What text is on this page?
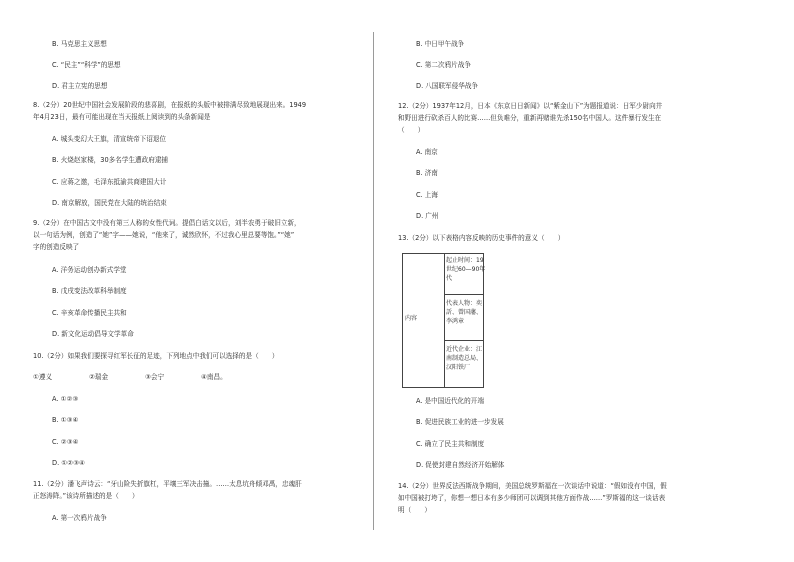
B. 马克思主义思想
C. “民主”“科学”的思想
D. 君主立宪的思想
8.（2分）20世纪中国社会发展阶段的悲喜剧，在报纸的头版中被排满尽致地展现出来。1949
年4月23日，最有可能出现在当天报纸上阅读到的头条新闻是
A. 城头变幻大王旗，清宣统帝下诏退位
B. 火烧赵家楼，30多名学生遭政府逮捕
C. 应蒋之邀，毛泽东抵渝共商建国大计
D. 南京解放，国民党在大陆的统治结束
9.（2分）在中国古文中没有第三人称的女性代词。提倡白话文以后，刘半农勇于破旧立新，
以一句话为例，创造了“她”字——她说，“他来了，诚然欣怀，不过我心里总要等饱。”“她”
字的创造反映了
A. 洋务运动创办新式学堂
B. 戊戌变法改革科举制度
C. 辛亥革命传播民主共和
D. 新文化运动倡导文学革命
10.（2分）如果我们要探寻红军长征的足迹，下列地点中我们可以选择的是（　　）
①遵义	②瑞金	③会宁	④南昌。
A. ①②③
B. ①③④
C. ②③④
D. ①②③④
11.（2分）潘飞声诗云：“牙山险失折旗杠，平壤三军决击撞。……太息坑舟倾邓禹，忠魂肝
正怒涛降。”该诗所描述的是（　　）
A. 第一次鸦片战争
B. 中日甲午战争
C. 第二次鸦片战争
D. 八国联军侵华战争
12.（2分）1937年12月，日本《东京日日新闻》以“紫金山下”为题报道说：日军少尉向井
和野田进行砍杀百人的比赛……但负难分，重新再赌谁先杀150名中国人。这件暴行发生在
（　　）
A. 南京
B. 济南
C. 上海
D. 广州
13.（2分）以下表格内容反映的历史事件的意义（　　）
内容
起止时间：19
世纪60—90年
代
代表人物：奕
訢、曾国藩、
李鸿章
近代企业：江
南制造总局、
汉阳铁厂
A. 是中国近代化的开端
B. 促进民族工业的进一步发展
C. 确立了民主共和制度
D. 促使封建自然经济开始解体
14.（2分）世界反法西斯战争期间，美国总统罗斯福在一次谈话中说道：“假如没有中国，假
如中国被打垮了，你想一想日本有多少师团可以调到其他方面作战……”罗斯福的这一谈话表
明（　　）
